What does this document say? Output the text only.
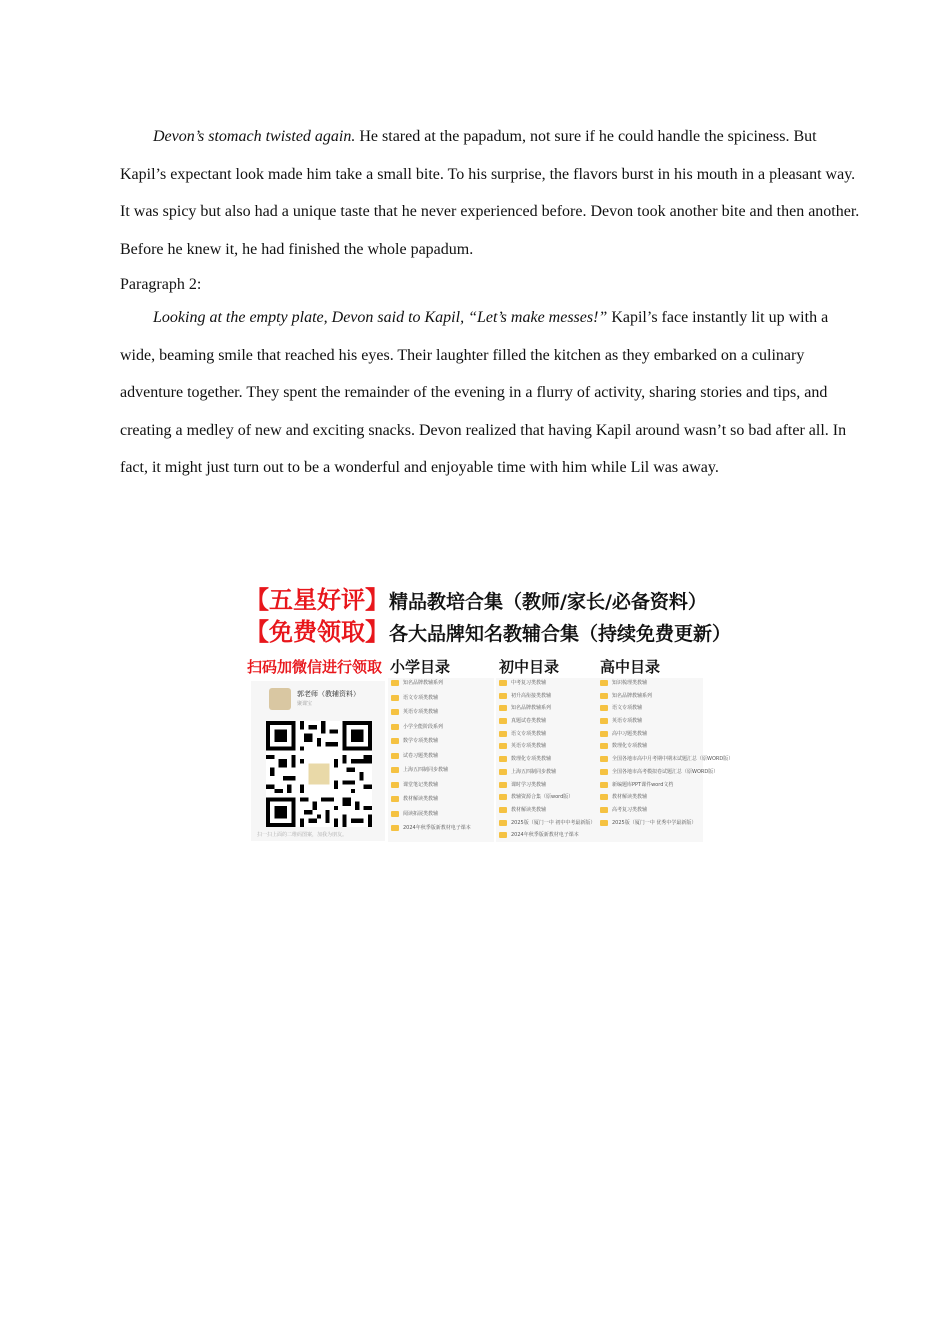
Devon’s stomach twisted again. He stared at the papadum, not sure if he could handle the spiciness. But Kapil’s expectant look made him take a small bite. To his surprise, the flavors burst in his mouth in a pleasant way. It was spicy but also had a unique taste that he never experienced before. Devon took another bite and then another. Before he knew it, he had finished the whole papadum.

Paragraph 2:

Looking at the empty plate, Devon said to Kapil, “Let’s make messes!” Kapil’s face instantly lit up with a wide, beaming smile that reached his eyes. Their laughter filled the kitchen as they embarked on a culinary adventure together. They spent the remainder of the evening in a flurry of activity, sharing stories and tips, and creating a medley of new and exciting snacks. Devon realized that having Kapil around wasn’t so bad after all. In fact, it might just turn out to be a wonderful and enjoyable time with him while Lil was away.

【五星好评】精品教培合集（教师/家长/必备资料）
【免费领取】各大品牌知名教辅合集（持续免费更新）
扫码加微信进行领取 小学目录	初中目录	高中目录
郭老师（教辅资料）
聚课宝
扫一扫上面的二维码图案，加我为朋友。
知名品牌教辅系列
语文专项类教辅
英语专项类教辅
小学全能阶段系列
数学专项类教辅
试卷习题类教辅
上海五四制同步教辅
课堂笔记类教辅
教材解读类教辅
阅读拓展类教辅
2024年秋季版新教材电子课本
中考复习类教辅
初升高衔接类教辅
知名品牌教辅系列
真题试卷类教辅
语文专项类教辅
英语专项类教辅
数理化专项类教辅
上海五四制同步教辅
课时学习类教辅
教辅资源合集（原word版）
教材解读类教辅
2025版（厦门一中 初中中考最新版）
2024年秋季版新教材电子课本
知识梳理类教辅
知名品牌教辅系列
语文专项教辅
英语专项教辅
高中习题类教辅
数理化专项教辅
全国各地市高中月考期中期末试题汇总（原WORD版）
全国各地市高考模拟卷试题汇总（原WORD版）
新编题库PPT课件word文档
教材解读类教辅
高考复习类教辅
2025版（厦门一中 优秀中学最新版）
